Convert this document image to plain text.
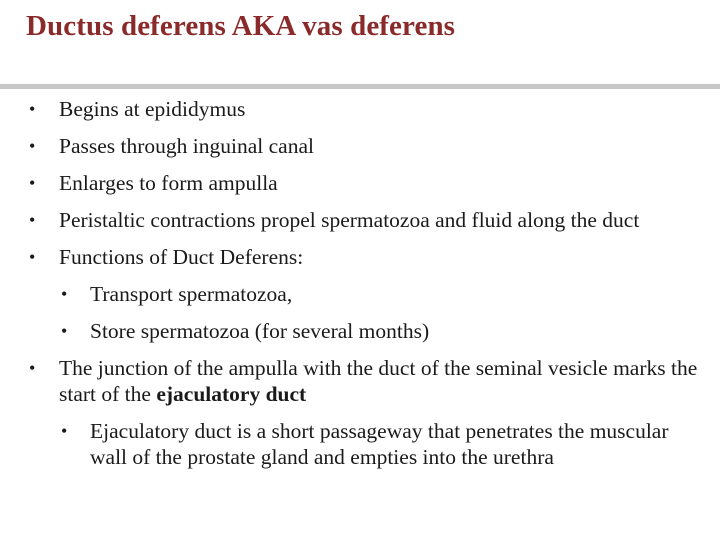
Ductus deferens AKA vas deferens
• Begins at epididymus
• Passes through inguinal canal
• Enlarges to form ampulla
• Peristaltic contractions propel spermatozoa and fluid along the duct
• Functions of Duct Deferens:
• Transport spermatozoa,
• Store spermatozoa (for several months)
• The junction of the ampulla with the duct of the seminal vesicle marks the start of the ejaculatory duct
• Ejaculatory duct is a short passageway that penetrates the muscular wall of the prostate gland and empties into the urethra
